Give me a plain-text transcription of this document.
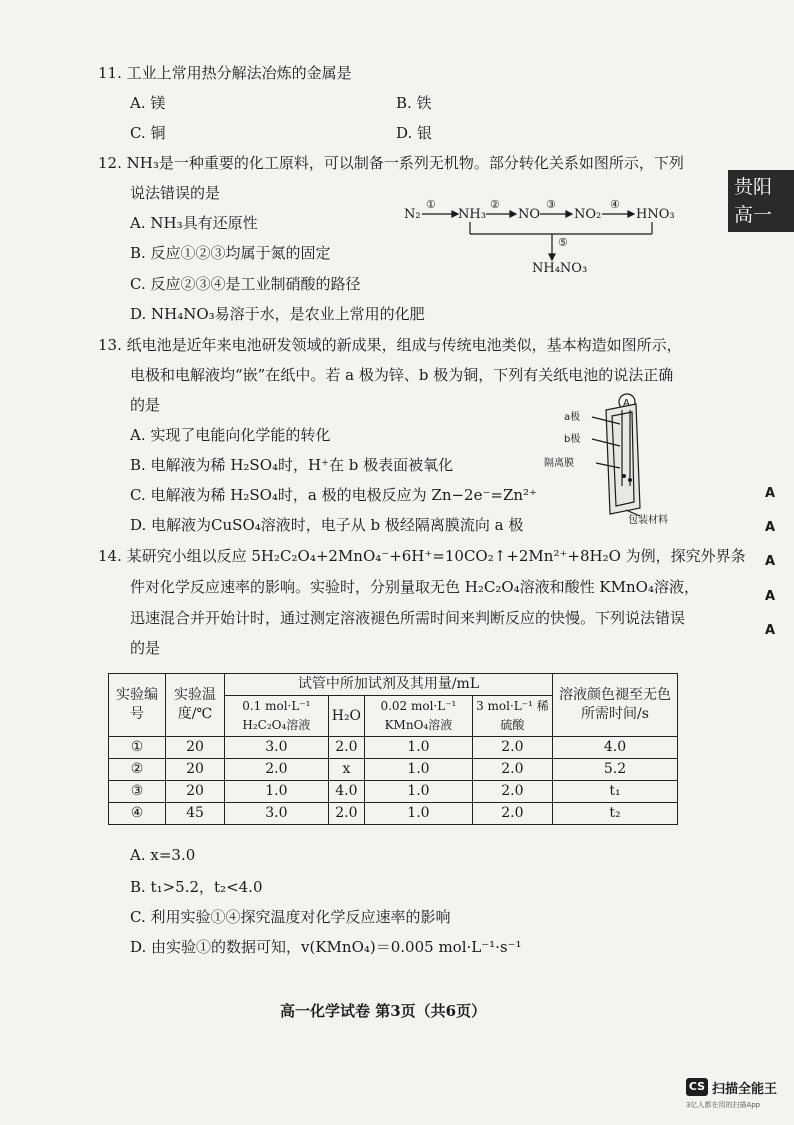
11. 工业上常用热分解法冶炼的金属是
A. 镁	B. 铁
C. 铜	D. 银
12. NH₃是一种重要的化工原料，可以制备一系列无机物。部分转化关系如图所示，下列
说法错误的是
A. NH₃具有还原性
B. 反应①②③均属于氮的固定
C. 反应②③④是工业制硝酸的路径
D. NH₄NO₃易溶于水，是农业上常用的化肥
N₂	NH₃ NO	NO₂	HNO₃
NH₄NO₃
①	②	③	④
⑤
13. 纸电池是近年来电池研发领域的新成果，组成与传统电池类似，基本构造如图所示，
电极和电解液均“嵌”在纸中。若 a 极为锌、b 极为铜，下列有关纸电池的说法正确
的是
A. 实现了电能向化学能的转化
B. 电解液为稀 H₂SO₄时，H⁺在 b 极表面被氧化
C. 电解液为稀 H₂SO₄时，a 极的电极反应为 Zn−2e⁻=Zn²⁺
D. 电解液为CuSO₄溶液时，电子从 b 极经隔离膜流向 a 极
a极
b极
隔离膜
包装材料
A
14. 某研究小组以反应 5H₂C₂O₄+2MnO₄⁻+6H⁺=10CO₂↑+2Mn²⁺+8H₂O 为例，探究外界条
件对化学反应速率的影响。实验时，分别量取无色 H₂C₂O₄溶液和酸性 KMnO₄溶液，
迅速混合并开始计时，通过测定溶液褪色所需时间来判断反应的快慢。下列说法错误
的是
实验编号	实验温度/℃	试管中所加试剂及其用量/mL				溶液颜色褪至无色所需时间/s
		0.1 mol·L⁻¹ H₂C₂O₄溶液	H₂O	0.02 mol·L⁻¹ KMnO₄溶液	3 mol·L⁻¹ 稀硫酸	
①	20	3.0	2.0	1.0	2.0	4.0
②	20	2.0	x	1.0	2.0	5.2
③	20	1.0	4.0	1.0	2.0	t₁
④	45	3.0	2.0	1.0	2.0	t₂
A. x=3.0
B. t₁>5.2，t₂<4.0
C. 利用实验①④探究温度对化学反应速率的影响
D. 由实验①的数据可知，v(KMnO₄)＝0.005 mol·L⁻¹·s⁻¹
贵阳
高一
A
A
A
A
A
高一化学试卷 第3页（共6页）
CS 扫描全能王
3亿人都在用的扫描App
